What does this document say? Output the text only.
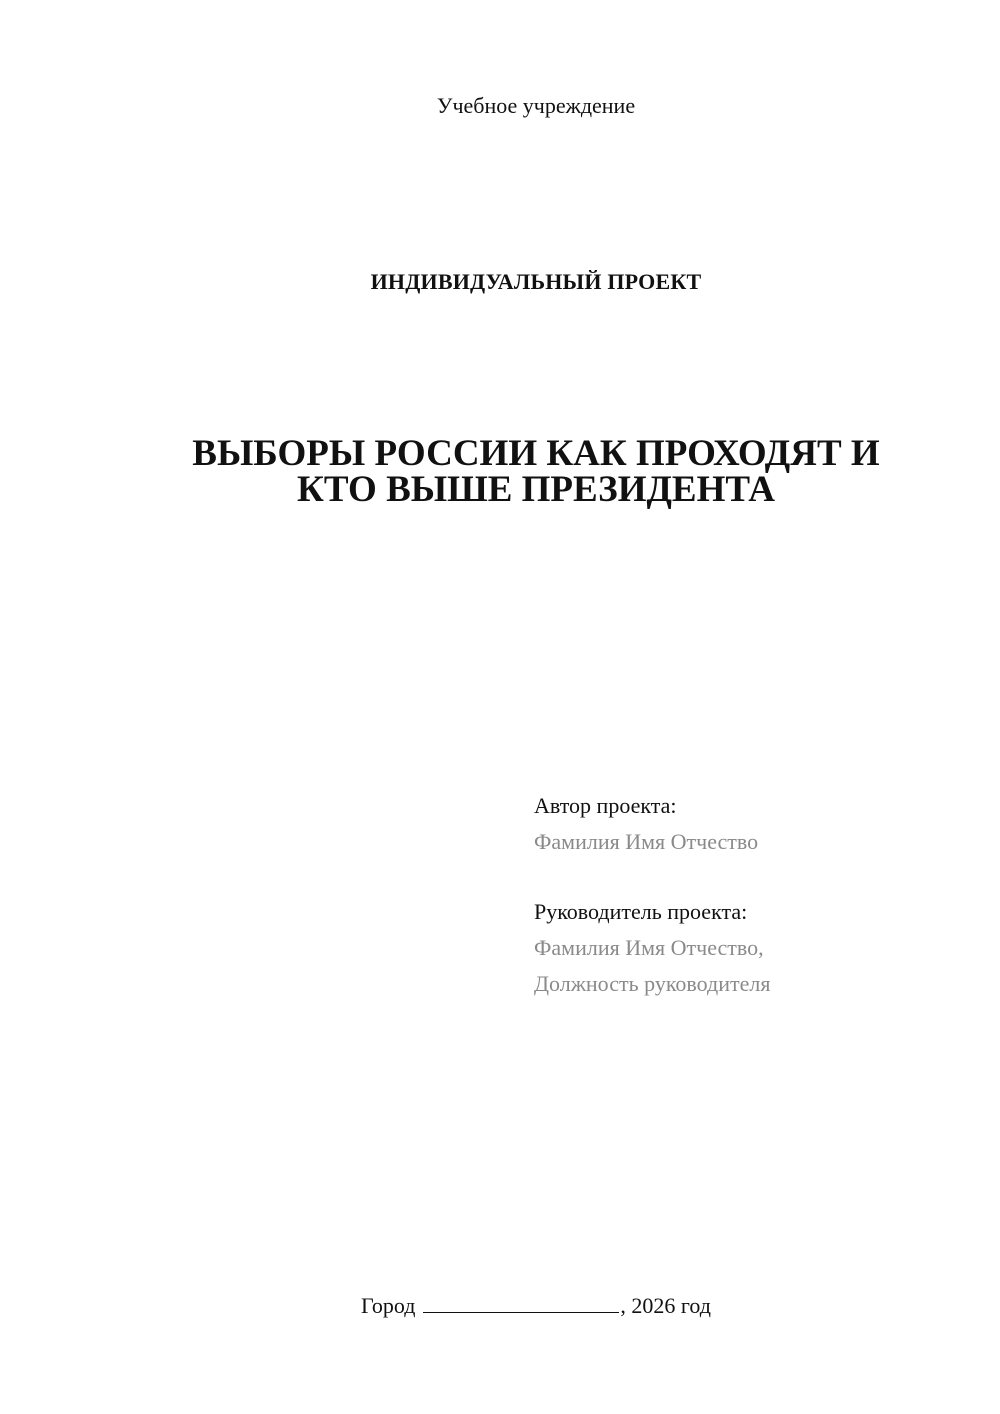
Учебное учреждение
ИНДИВИДУАЛЬНЫЙ ПРОЕКТ
ВЫБОРЫ РОССИИ КАК ПРОХОДЯТ И
КТО ВЫШЕ ПРЕЗИДЕНТА
Автор проекта:
Фамилия Имя Отчество
Руководитель проекта:
Фамилия Имя Отчество,
Должность руководителя
Город	, 2026 год
